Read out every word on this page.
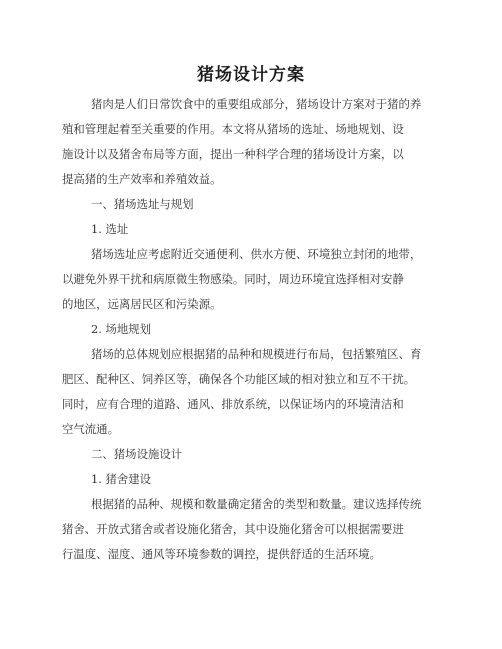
猪场设计方案
猪肉是人们日常饮食中的重要组成部分，猪场设计方案对于猪的养
殖和管理起着至关重要的作用。本文将从猪场的选址、场地规划、设
施设计以及猪舍布局等方面，提出一种科学合理的猪场设计方案，以
提高猪的生产效率和养殖效益。
一、猪场选址与规划
1. 选址
猪场选址应考虑附近交通便利、供水方便、环境独立封闭的地带，
以避免外界干扰和病原微生物感染。同时，周边环境宜选择相对安静
的地区，远离居民区和污染源。
2. 场地规划
猪场的总体规划应根据猪的品种和规模进行布局，包括繁殖区、育
肥区、配种区、饲养区等，确保各个功能区域的相对独立和互不干扰。
同时，应有合理的道路、通风、排放系统，以保证场内的环境清洁和
空气流通。
二、猪场设施设计
1. 猪舍建设
根据猪的品种、规模和数量确定猪舍的类型和数量。建议选择传统
猪舍、开放式猪舍或者设施化猪舍，其中设施化猪舍可以根据需要进
行温度、湿度、通风等环境参数的调控，提供舒适的生活环境。
